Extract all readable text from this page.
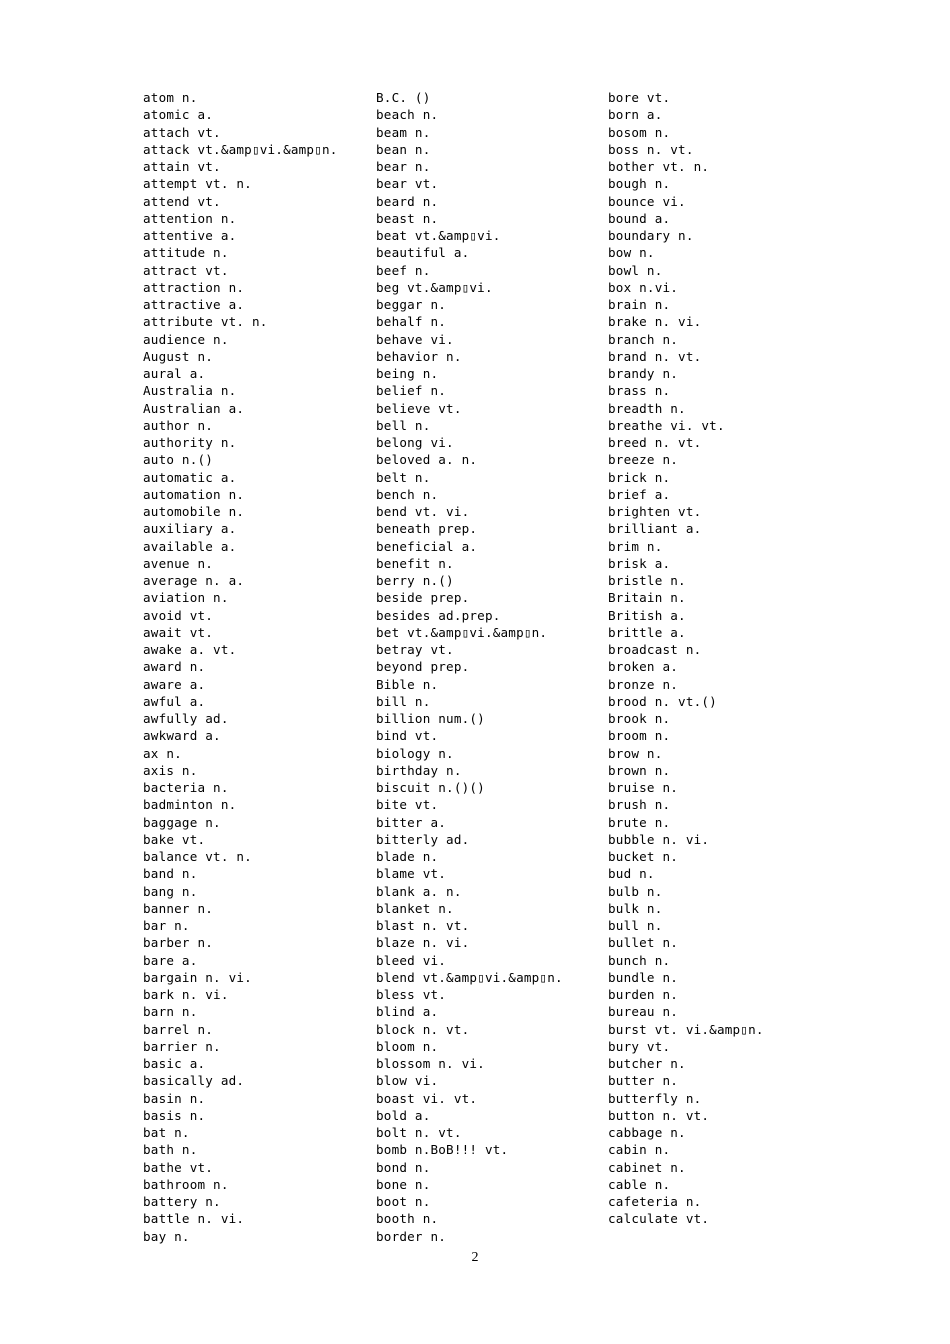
atom n.
atomic a.
attach vt.
attack vt.&amp▯vi.&amp▯n.
attain vt.
attempt vt. n.
attend vt.
attention n.
attentive a.
attitude n.
attract vt.
attraction n.
attractive a.
attribute vt. n.
audience n.
August n.
aural a.
Australia n.
Australian a.
author n.
authority n.
auto n.()
automatic a.
automation n.
automobile n.
auxiliary a.
available a.
avenue n.
average n. a.
aviation n.
avoid vt.
await vt.
awake a. vt.
award n.
aware a.
awful a.
awfully ad.
awkward a.
ax n.
axis n.
bacteria n.
badminton n.
baggage n.
bake vt.
balance vt. n.
band n.
bang n.
banner n.
bar n.
barber n.
bare a.
bargain n. vi.
bark n. vi.
barn n.
barrel n.
barrier n.
basic a.
basically ad.
basin n.
basis n.
bat n.
bath n.
bathe vt.
bathroom n.
battery n.
battle n. vi.
bay n.
B.C. ()
beach n.
beam n.
bean n.
bear n.
bear vt.
beard n.
beast n.
beat vt.&amp▯vi.
beautiful a.
beef n.
beg vt.&amp▯vi.
beggar n.
behalf n.
behave vi.
behavior n.
being n.
belief n.
believe vt.
bell n.
belong vi.
beloved a. n.
belt n.
bench n.
bend vt. vi.
beneath prep.
beneficial a.
benefit n.
berry n.()
beside prep.
besides ad.prep.
bet vt.&amp▯vi.&amp▯n.
betray vt.
beyond prep.
Bible n.
bill n.
billion num.()
bind vt.
biology n.
birthday n.
biscuit n.()()
bite vt.
bitter a.
bitterly ad.
blade n.
blame vt.
blank a. n.
blanket n.
blast n. vt.
blaze n. vi.
bleed vi.
blend vt.&amp▯vi.&amp▯n.
bless vt.
blind a.
block n. vt.
bloom n.
blossom n. vi.
blow vi.
boast vi. vt.
bold a.
bolt n. vt.
bomb n.BoB!!! vt.
bond n.
bone n.
boot n.
booth n.
border n.
bore vt.
born a.
bosom n.
boss n. vt.
bother vt. n.
bough n.
bounce vi.
bound a.
boundary n.
bow n.
bowl n.
box n.vi.
brain n.
brake n. vi.
branch n.
brand n. vt.
brandy n.
brass n.
breadth n.
breathe vi. vt.
breed n. vt.
breeze n.
brick n.
brief a.
brighten vt.
brilliant a.
brim n.
brisk a.
bristle n.
Britain n.
British a.
brittle a.
broadcast n.
broken a.
bronze n.
brood n. vt.()
brook n.
broom n.
brow n.
brown n.
bruise n.
brush n.
brute n.
bubble n. vi.
bucket n.
bud n.
bulb n.
bulk n.
bull n.
bullet n.
bunch n.
bundle n.
burden n.
bureau n.
burst vt. vi.&amp▯n.
bury vt.
butcher n.
butter n.
butterfly n.
button n. vt.
cabbage n.
cabin n.
cabinet n.
cable n.
cafeteria n.
calculate vt.
2
